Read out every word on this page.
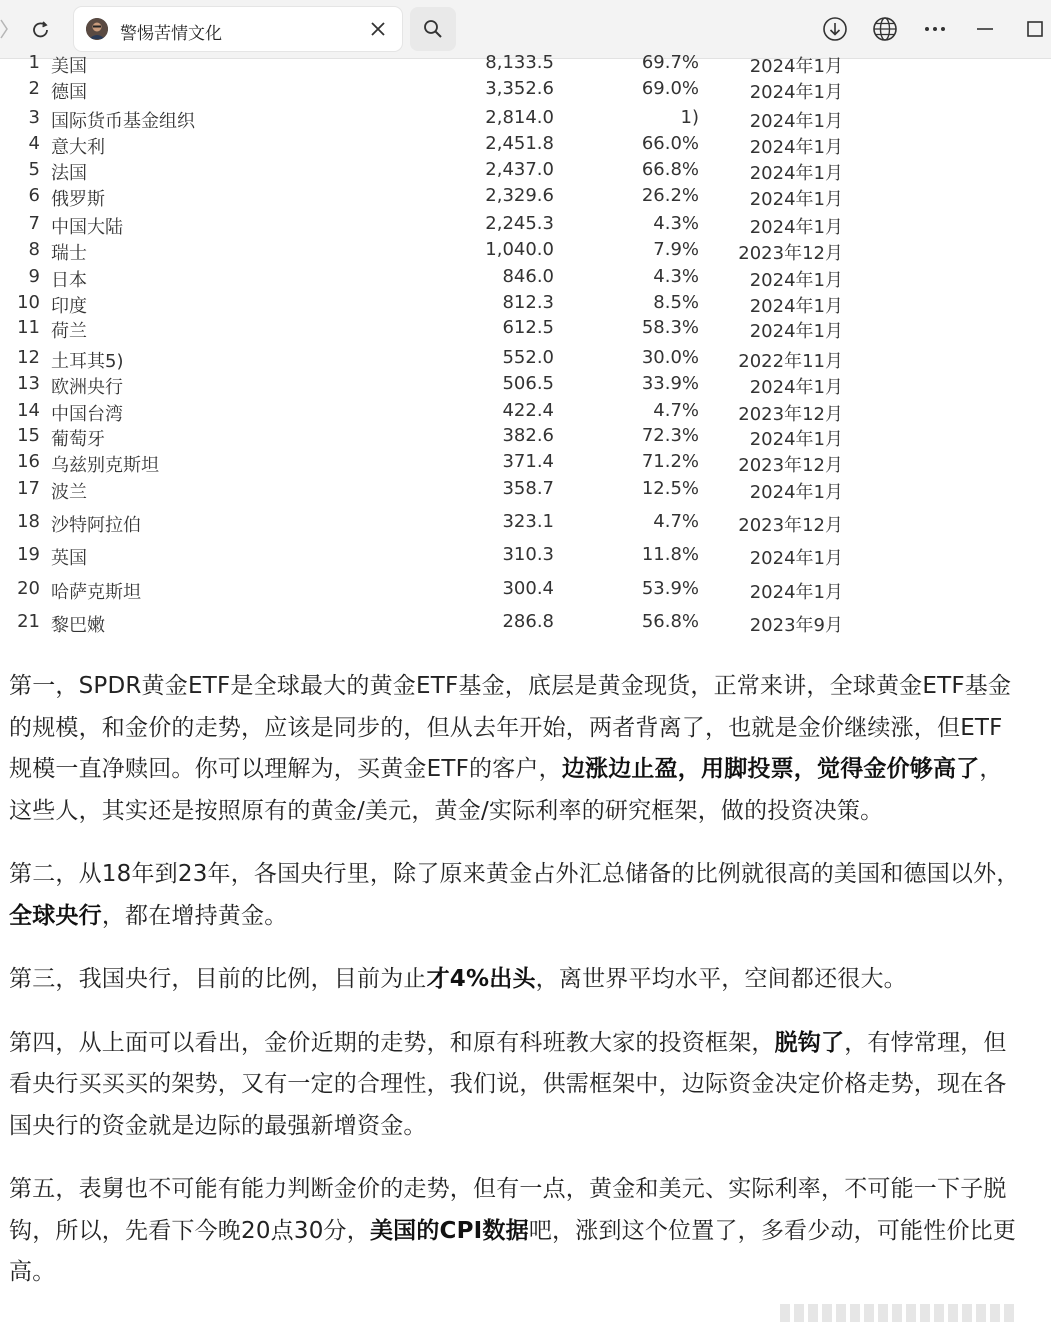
警惕苦情文化
1 美国	8,133.5	69.7%	2024年1月
2 德国	3,352.6	69.0%	2024年1月
3 国际货币基金组织	2,814.0	1)	2024年1月
4 意大利	2,451.8	66.0%	2024年1月
5 法国	2,437.0	66.8%	2024年1月
6 俄罗斯	2,329.6	26.2%	2024年1月
7 中国大陆	2,245.3	4.3%	2024年1月
8 瑞士	1,040.0	7.9%	2023年12月
9 日本	846.0	4.3%	2024年1月
10 印度	812.3	8.5%	2024年1月
11 荷兰	612.5	58.3%	2024年1月
12 土耳其5)	552.0	30.0%	2022年11月
13 欧洲央行	506.5	33.9%	2024年1月
14 中国台湾	422.4	4.7%	2023年12月
15 葡萄牙	382.6	72.3%	2024年1月
16 乌兹别克斯坦	371.4	71.2%	2023年12月
17 波兰	358.7	12.5%	2024年1月
18 沙特阿拉伯	323.1	4.7%	2023年12月
19 英国	310.3	11.8%	2024年1月
20 哈萨克斯坦	300.4	53.9%	2024年1月
21 黎巴嫩	286.8	56.8%	2023年9月

第一，SPDR黄金ETF是全球最大的黄金ETF基金，底层是黄金现货，正常来讲，全球黄金ETF基金的规模，和金价的走势，应该是同步的，但从去年开始，两者背离了，也就是金价继续涨，但ETF规模一直净赎回。你可以理解为，买黄金ETF的客户，边涨边止盈，用脚投票，觉得金价够高了，这些人，其实还是按照原有的黄金/美元，黄金/实际利率的研究框架，做的投资决策。

第二，从18年到23年，各国央行里，除了原来黄金占外汇总储备的比例就很高的美国和德国以外，全球央行，都在增持黄金。

第三，我国央行，目前的比例，目前为止才4%出头，离世界平均水平，空间都还很大。

第四，从上面可以看出，金价近期的走势，和原有科班教大家的投资框架，脱钩了，有悖常理，但看央行买买买的架势，又有一定的合理性，我们说，供需框架中，边际资金决定价格走势，现在各国央行的资金就是边际的最强新增资金。

第五，表舅也不可能有能力判断金价的走势，但有一点，黄金和美元、实际利率，不可能一下子脱钩，所以，先看下今晚20点30分，美国的CPI数据吧，涨到这个位置了，多看少动，可能性价比更高。
